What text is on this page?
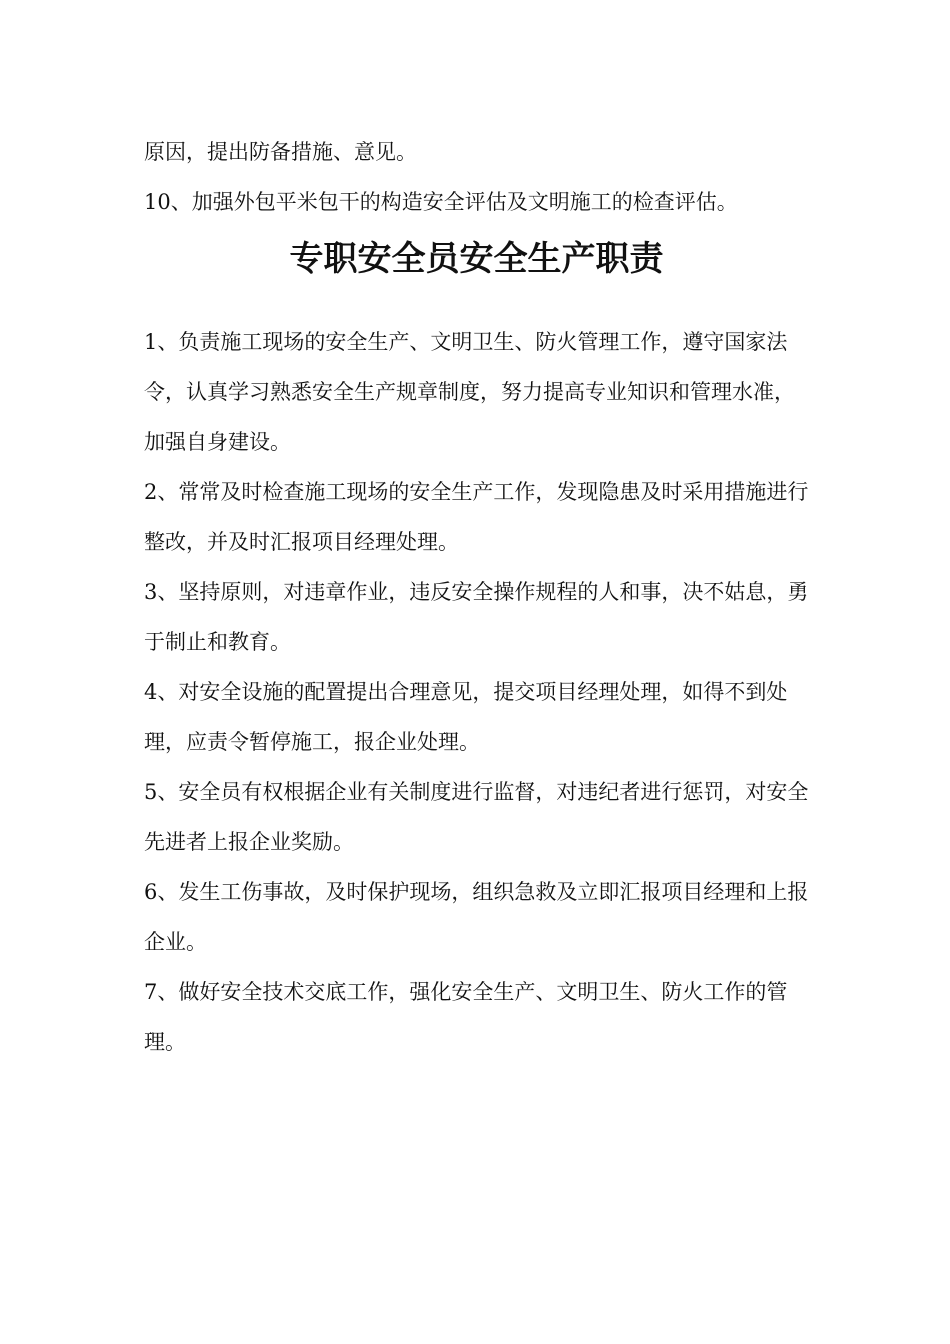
原因，提出防备措施、意见。

10、加强外包平米包干的构造安全评估及文明施工的检查评估。

专职安全员安全生产职责

1、负责施工现场的安全生产、文明卫生、防火管理工作，遵守国家法令，认真学习熟悉安全生产规章制度，努力提高专业知识和管理水准，加强自身建设。

2、常常及时检查施工现场的安全生产工作，发现隐患及时采用措施进行整改，并及时汇报项目经理处理。

3、坚持原则，对违章作业，违反安全操作规程的人和事，决不姑息，勇于制止和教育。

4、对安全设施的配置提出合理意见，提交项目经理处理，如得不到处理，应责令暂停施工，报企业处理。

5、安全员有权根据企业有关制度进行监督，对违纪者进行惩罚，对安全先进者上报企业奖励。

6、发生工伤事故，及时保护现场，组织急救及立即汇报项目经理和上报企业。

7、做好安全技术交底工作，强化安全生产、文明卫生、防火工作的管理。
